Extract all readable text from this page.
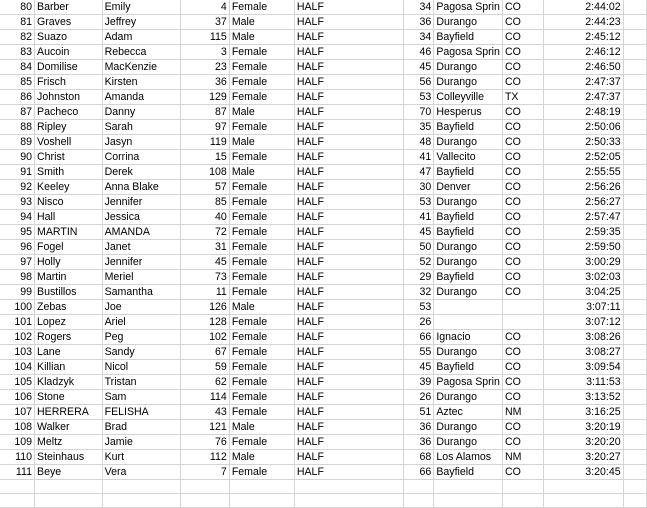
80	Barber	Emily	4	Female	HALF	34	Pagosa Sprin	CO	2:44:02	
81	Graves	Jeffrey	37	Male	HALF	36	Durango	CO	2:44:23	
82	Suazo	Adam	115	Male	HALF	34	Bayfield	CO	2:45:12	
83	Aucoin	Rebecca	3	Female	HALF	46	Pagosa Sprin	CO	2:46:12	
84	Domilise	MacKenzie	23	Female	HALF	45	Durango	CO	2:46:50	
85	Frisch	Kirsten	36	Female	HALF	56	Durango	CO	2:47:37	
86	Johnston	Amanda	129	Female	HALF	53	Colleyville	TX	2:47:37	
87	Pacheco	Danny	87	Male	HALF	70	Hesperus	CO	2:48:19	
88	Ripley	Sarah	97	Female	HALF	35	Bayfield	CO	2:50:06	
89	Voshell	Jasyn	119	Male	HALF	48	Durango	CO	2:50:33	
90	Christ	Corrina	15	Female	HALF	41	Vallecito	CO	2:52:05	
91	Smith	Derek	108	Male	HALF	47	Bayfield	CO	2:55:55	
92	Keeley	Anna Blake	57	Female	HALF	30	Denver	CO	2:56:26	
93	Nisco	Jennifer	85	Female	HALF	53	Durango	CO	2:56:27	
94	Hall	Jessica	40	Female	HALF	41	Bayfield	CO	2:57:47	
95	MARTIN	AMANDA	72	Female	HALF	45	Bayfield	CO	2:59:35	
96	Fogel	Janet	31	Female	HALF	50	Durango	CO	2:59:50	
97	Holly	Jennifer	45	Female	HALF	52	Durango	CO	3:00:29	
98	Martin	Meriel	73	Female	HALF	29	Bayfield	CO	3:02:03	
99	Bustillos	Samantha	11	Female	HALF	32	Durango	CO	3:04:25	
100	Zebas	Joe	126	Male	HALF	53			3:07:11	
101	Lopez	Ariel	128	Female	HALF	26			3:07:12	
102	Rogers	Peg	102	Female	HALF	66	Ignacio	CO	3:08:26	
103	Lane	Sandy	67	Female	HALF	55	Durango	CO	3:08:27	
104	Killian	Nicol	59	Female	HALF	45	Bayfield	CO	3:09:54	
105	Kladzyk	Tristan	62	Female	HALF	39	Pagosa Sprin	CO	3:11:53	
106	Stone	Sam	114	Female	HALF	26	Durango	CO	3:13:52	
107	HERRERA	FELISHA	43	Female	HALF	51	Aztec	NM	3:16:25	
108	Walker	Brad	121	Male	HALF	36	Durango	CO	3:20:19	
109	Meltz	Jamie	76	Female	HALF	36	Durango	CO	3:20:20	
110	Steinhaus	Kurt	112	Male	HALF	68	Los Alamos	NM	3:20:27	
111	Beye	Vera	7	Female	HALF	66	Bayfield	CO	3:20:45	
